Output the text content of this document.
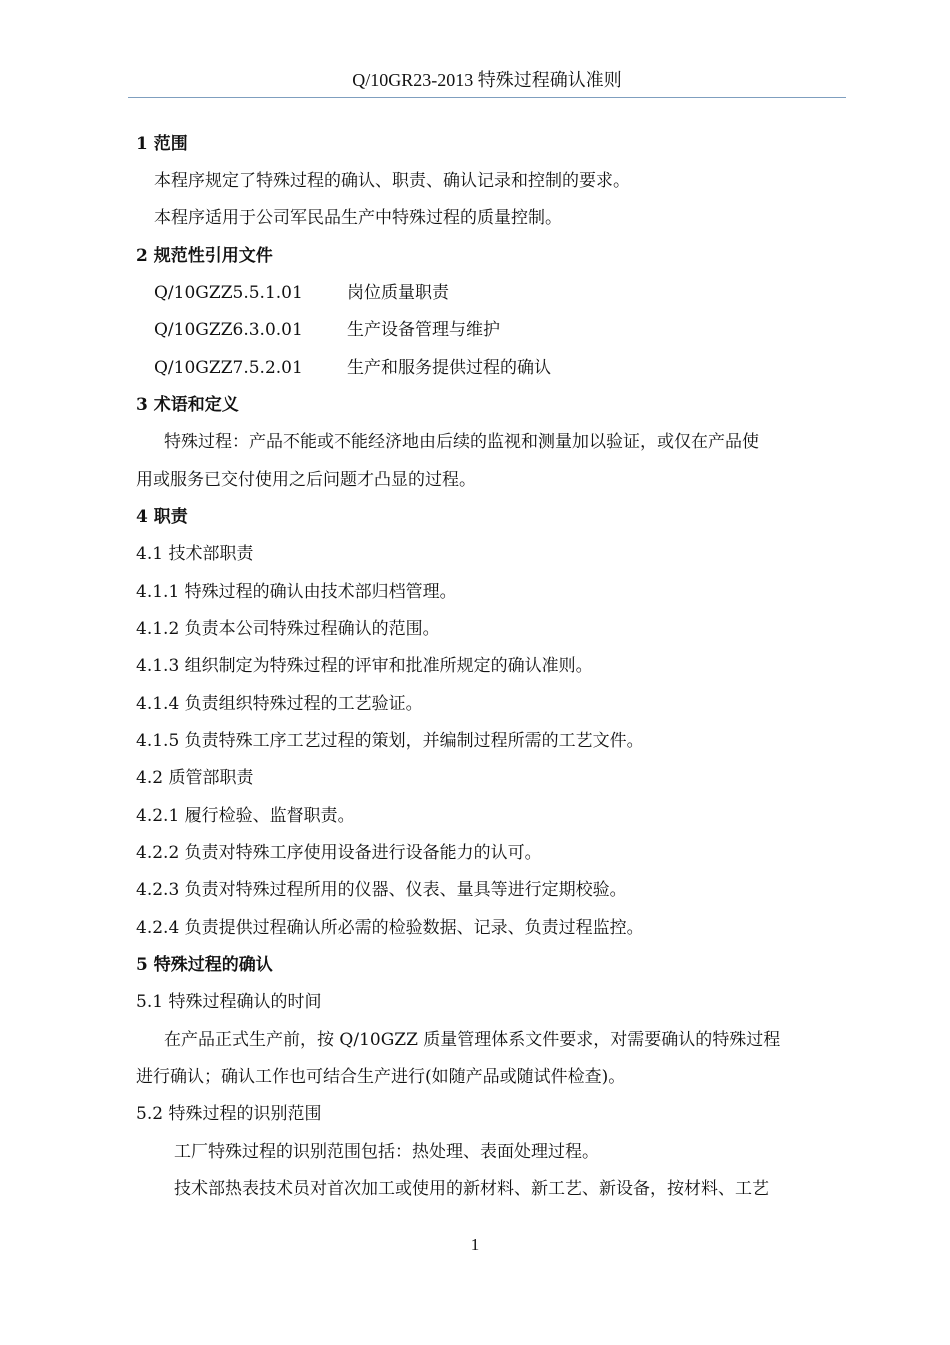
Q/10GR23-2013 特殊过程确认准则
1 范围
本程序规定了特殊过程的确认、职责、确认记录和控制的要求。
本程序适用于公司军民品生产中特殊过程的质量控制。
2 规范性引用文件
Q/10GZZ5.5.1.01	岗位质量职责
Q/10GZZ6.3.0.01	生产设备管理与维护
Q/10GZZ7.5.2.01	生产和服务提供过程的确认
3 术语和定义
特殊过程：产品不能或不能经济地由后续的监视和测量加以验证，或仅在产品使
用或服务已交付使用之后问题才凸显的过程。
4 职责
4.1 技术部职责
4.1.1 特殊过程的确认由技术部归档管理。
4.1.2 负责本公司特殊过程确认的范围。
4.1.3 组织制定为特殊过程的评审和批准所规定的确认准则。
4.1.4 负责组织特殊过程的工艺验证。
4.1.5 负责特殊工序工艺过程的策划，并编制过程所需的工艺文件。
4.2 质管部职责
4.2.1 履行检验、监督职责。
4.2.2 负责对特殊工序使用设备进行设备能力的认可。
4.2.3 负责对特殊过程所用的仪器、仪表、量具等进行定期校验。
4.2.4 负责提供过程确认所必需的检验数据、记录、负责过程监控。
5 特殊过程的确认
5.1 特殊过程确认的时间
在产品正式生产前，按 Q/10GZZ 质量管理体系文件要求，对需要确认的特殊过程
进行确认；确认工作也可结合生产进行(如随产品或随试件检查)。
5.2 特殊过程的识别范围
工厂特殊过程的识别范围包括：热处理、表面处理过程。
技术部热表技术员对首次加工或使用的新材料、新工艺、新设备，按材料、工艺
1
